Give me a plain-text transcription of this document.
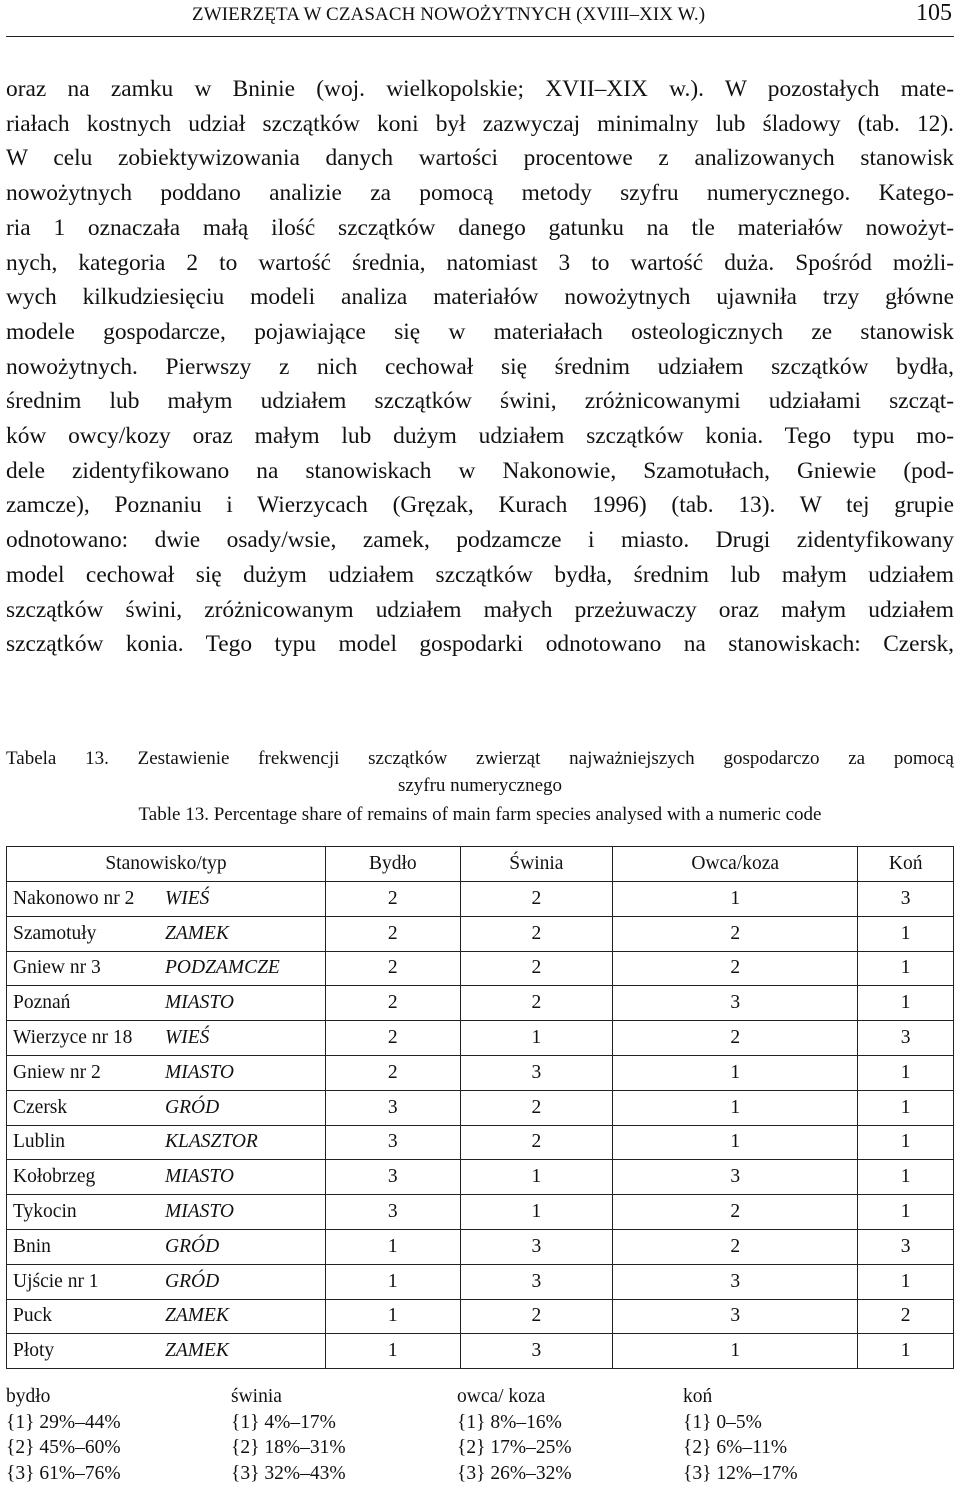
ZWIERZĘTA W CZASACH NOWOŻYTNYCH (XVIII–XIX W.)	105
oraz na zamku w Bninie (woj. wielkopolskie; XVII–XIX w.). W pozostałych mate-
riałach kostnych udział szczątków koni był zazwyczaj minimalny lub śladowy (tab. 12).
W celu zobiektywizowania danych wartości procentowe z analizowanych stanowisk
nowożytnych poddano analizie za pomocą metody szyfru numerycznego. Katego-
ria 1 oznaczała małą ilość szczątków danego gatunku na tle materiałów nowożyt-
nych, kategoria 2 to wartość średnia, natomiast 3 to wartość duża. Spośród możli-
wych kilkudziesięciu modeli analiza materiałów nowożytnych ujawniła trzy główne
modele gospodarcze, pojawiające się w materiałach osteologicznych ze stanowisk
nowożytnych. Pierwszy z nich cechował się średnim udziałem szczątków bydła,
średnim lub małym udziałem szczątków świni, zróżnicowanymi udziałami szcząt-
ków owcy/kozy oraz małym lub dużym udziałem szczątków konia. Tego typu mo-
dele zidentyfikowano na stanowiskach w Nakonowie, Szamotułach, Gniewie (pod-
zamcze), Poznaniu i Wierzycach (Gręzak, Kurach 1996) (tab. 13). W tej grupie
odnotowano: dwie osady/wsie, zamek, podzamcze i miasto. Drugi zidentyfikowany
model cechował się dużym udziałem szczątków bydła, średnim lub małym udziałem
szczątków świni, zróżnicowanym udziałem małych przeżuwaczy oraz małym udziałem
szczątków konia. Tego typu model gospodarki odnotowano na stanowiskach: Czersk,
Tabela 13. Zestawienie frekwencji szczątków zwierząt najważniejszych gospodarczo za pomocą
szyfru numerycznego
Table 13. Percentage share of remains of main farm species analysed with a numeric code
Stanowisko/typ		Bydło	Świnia	Owca/koza	Koń
Nakonowo nr 2	WIEŚ	2	2	1	3
Szamotuły	ZAMEK	2	2	2	1
Gniew nr 3	PODZAMCZE	2	2	2	1
Poznań	MIASTO	2	2	3	1
Wierzyce nr 18	WIEŚ	2	1	2	3
Gniew nr 2	MIASTO	2	3	1	1
Czersk	GRÓD	3	2	1	1
Lublin	KLASZTOR	3	2	1	1
Kołobrzeg	MIASTO	3	1	3	1
Tykocin	MIASTO	3	1	2	1
Bnin	GRÓD	1	3	2	3
Ujście nr 1	GRÓD	1	3	3	1
Puck	ZAMEK	1	2	3	2
Płoty	ZAMEK	1	3	1	1
bydło
{1} 29%–44%
{2} 45%–60%
{3} 61%–76%
świnia
{1} 4%–17%
{2} 18%–31%
{3} 32%–43%
owca/ koza
{1} 8%–16%
{2} 17%–25%
{3} 26%–32%
koń
{1} 0–5%
{2} 6%–11%
{3} 12%–17%
